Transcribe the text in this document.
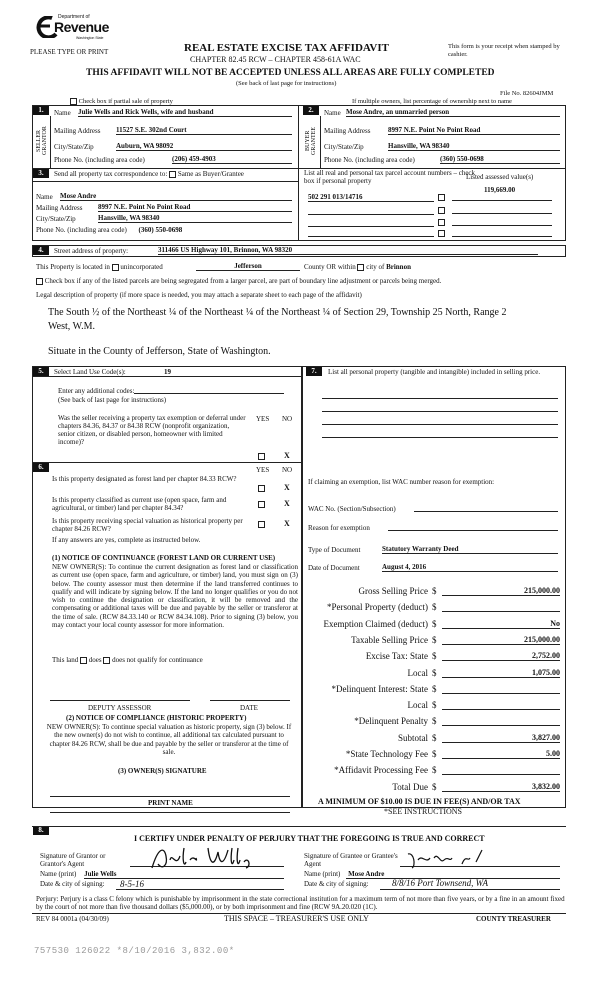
Department of
Revenue
Washington State
PLEASE TYPE OR PRINT	REAL ESTATE EXCISE TAX AFFIDAVIT
CHAPTER 82.45 RCW – CHAPTER 458-61A WAC
This form is your receipt when stamped by cashier.
THIS AFFIDAVIT WILL NOT BE ACCEPTED UNLESS ALL AREAS ARE FULLY COMPLETED
(See back of last page for instructions)
File No. 82604JMM
Check box if partial sale of property	If multiple owners, list percentage of ownership next to name
1.
SELLER GRANTOR
Name Julie Wells and Rick Wells, wife and husband
Mailing Address 11527 S.E. 302nd Court
City/State/Zip	Auburn, WA 98092
Phone No. (including area code)	(206) 459-4903
2.
BUYER GRANTEE
Name Mose Andre, an unmarried person
Mailing Address	8997 N.E. Point No Point Road
City/State/Zip	Hansville, WA 98340
Phone No. (including area code)	(360) 550-0698
3.	Send all property tax correspondence to: Same as Buyer/Grantee
Name Mose Andre
Mailing Address 8997 N.E. Point No Point Road
City/State/Zip	Hansville, WA 98340
Phone No. (including area code) (360) 550-0698
List all real and personal tax parcel account numbers – check box if personal property	Listed assessed value(s)
119,669.00
502 291 013/14716
4.	Street address of property:	311466 US Highway 101, Brinnon, WA 98320
This Property is located in unincorporated	Jefferson	County OR within city of Brinnon
Check box if any of the listed parcels are being segregated from a larger parcel, are part of boundary line adjustment or parcels being merged.
Legal description of property (if more space is needed, you may attach a separate sheet to each page of the affidavit)
The South ½ of the Northeast ¼ of the Northeast ¼ of the Northeast ¼ of Section 29, Township 25 North, Range 2
West, W.M.
Situate in the County of Jefferson, State of Washington.
5.	Select Land Use Code(s):	19
Enter any additional codes:
(See back of last page for instructions)
YES NO
Was the seller receiving a property tax exemption or deferral under chapters 84.36, 84.37 or 84.38 RCW (nonprofit organization, senior citizen, or disabled person, homeowner with limited income)?
X
6.	YES NO
Is this property designated as forest land per chapter 84.33 RCW?
X
Is this property classified as current use (open space, farm and agricultural, or timber) land per chapter 84.34?	X
Is this property receiving special valuation as historical property per chapter 84.26 RCW?
X
If any answers are yes, complete as instructed below.
(1) NOTICE OF CONTINUANCE (FOREST LAND OR CURRENT USE)
NEW OWNER(S): To continue the current designation as forest land or classification as current use (open space, farm and agriculture, or timber) land, you must sign on (3) below. The county assessor must then determine if the land transferred continues to qualify and will indicate by signing below. If the land no longer qualifies or you do not wish to continue the designation or classification, it will be removed and the compensating or additional taxes will be due and payable by the seller or transferor at the time of sale. (RCW 84.33.140 or RCW 84.34.108). Prior to signing (3) below, you may contact your local county assessor for more information.
This land does does not qualify for continuance
DEPUTY ASSESSOR	DATE
(2) NOTICE OF COMPLIANCE (HISTORIC PROPERTY)
NEW OWNER(S): To continue special valuation as historic property, sign (3) below. If the new owner(s) do not wish to continue, all additional tax calculated pursuant to chapter 84.26 RCW, shall be due and payable by the seller or transferor at the time of sale.
(3) OWNER(S) SIGNATURE
PRINT NAME
7.	List all personal property (tangible and intangible) included in selling price.
If claiming an exemption, list WAC number reason for exemption:
WAC No. (Section/Subsection)
Reason for exemption
Type of Document	Statutory Warranty Deed
Date of Document	August 4, 2016
Gross Selling Price $	215,000.00
*Personal Property (deduct) $

Exemption Claimed (deduct) $	No
Taxable Selling Price $	215,000.00
Excise Tax: State $	2,752.00
Local $	1,075.00
*Delinquent Interest: State $

Local $

*Delinquent Penalty $

Subtotal $	3,827.00
*State Technology Fee $	5.00
*Affidavit Processing Fee $

Total Due $	3,832.00
A MINIMUM OF $10.00 IS DUE IN FEE(S) AND/OR TAX
*SEE INSTRUCTIONS
8.
I CERTIFY UNDER PENALTY OF PERJURY THAT THE FOREGOING IS TRUE AND CORRECT
Signature of Grantor or Grantor's Agent
Name (print) Julie Wells
Date & city of signing: 8-5-16
Signature of Grantee or Grantee's Agent
Name (print) Mose Andre
Date & city of signing:	8/8/16 Port Townsend, WA
Perjury: Perjury is a class C felony which is punishable by imprisonment in the state correctional institution for a maximum term of not more than five years, or by a fine in an amount fixed by the court of not more than five thousand dollars ($5,000.00), or by both imprisonment and fine (RCW 9A.20.020 (1C).
REV 84 0001a (04/30/09)	THIS SPACE – TREASURER'S USE ONLY	COUNTY TREASURER
757530 126022 *8/10/2016 3,832.00*
